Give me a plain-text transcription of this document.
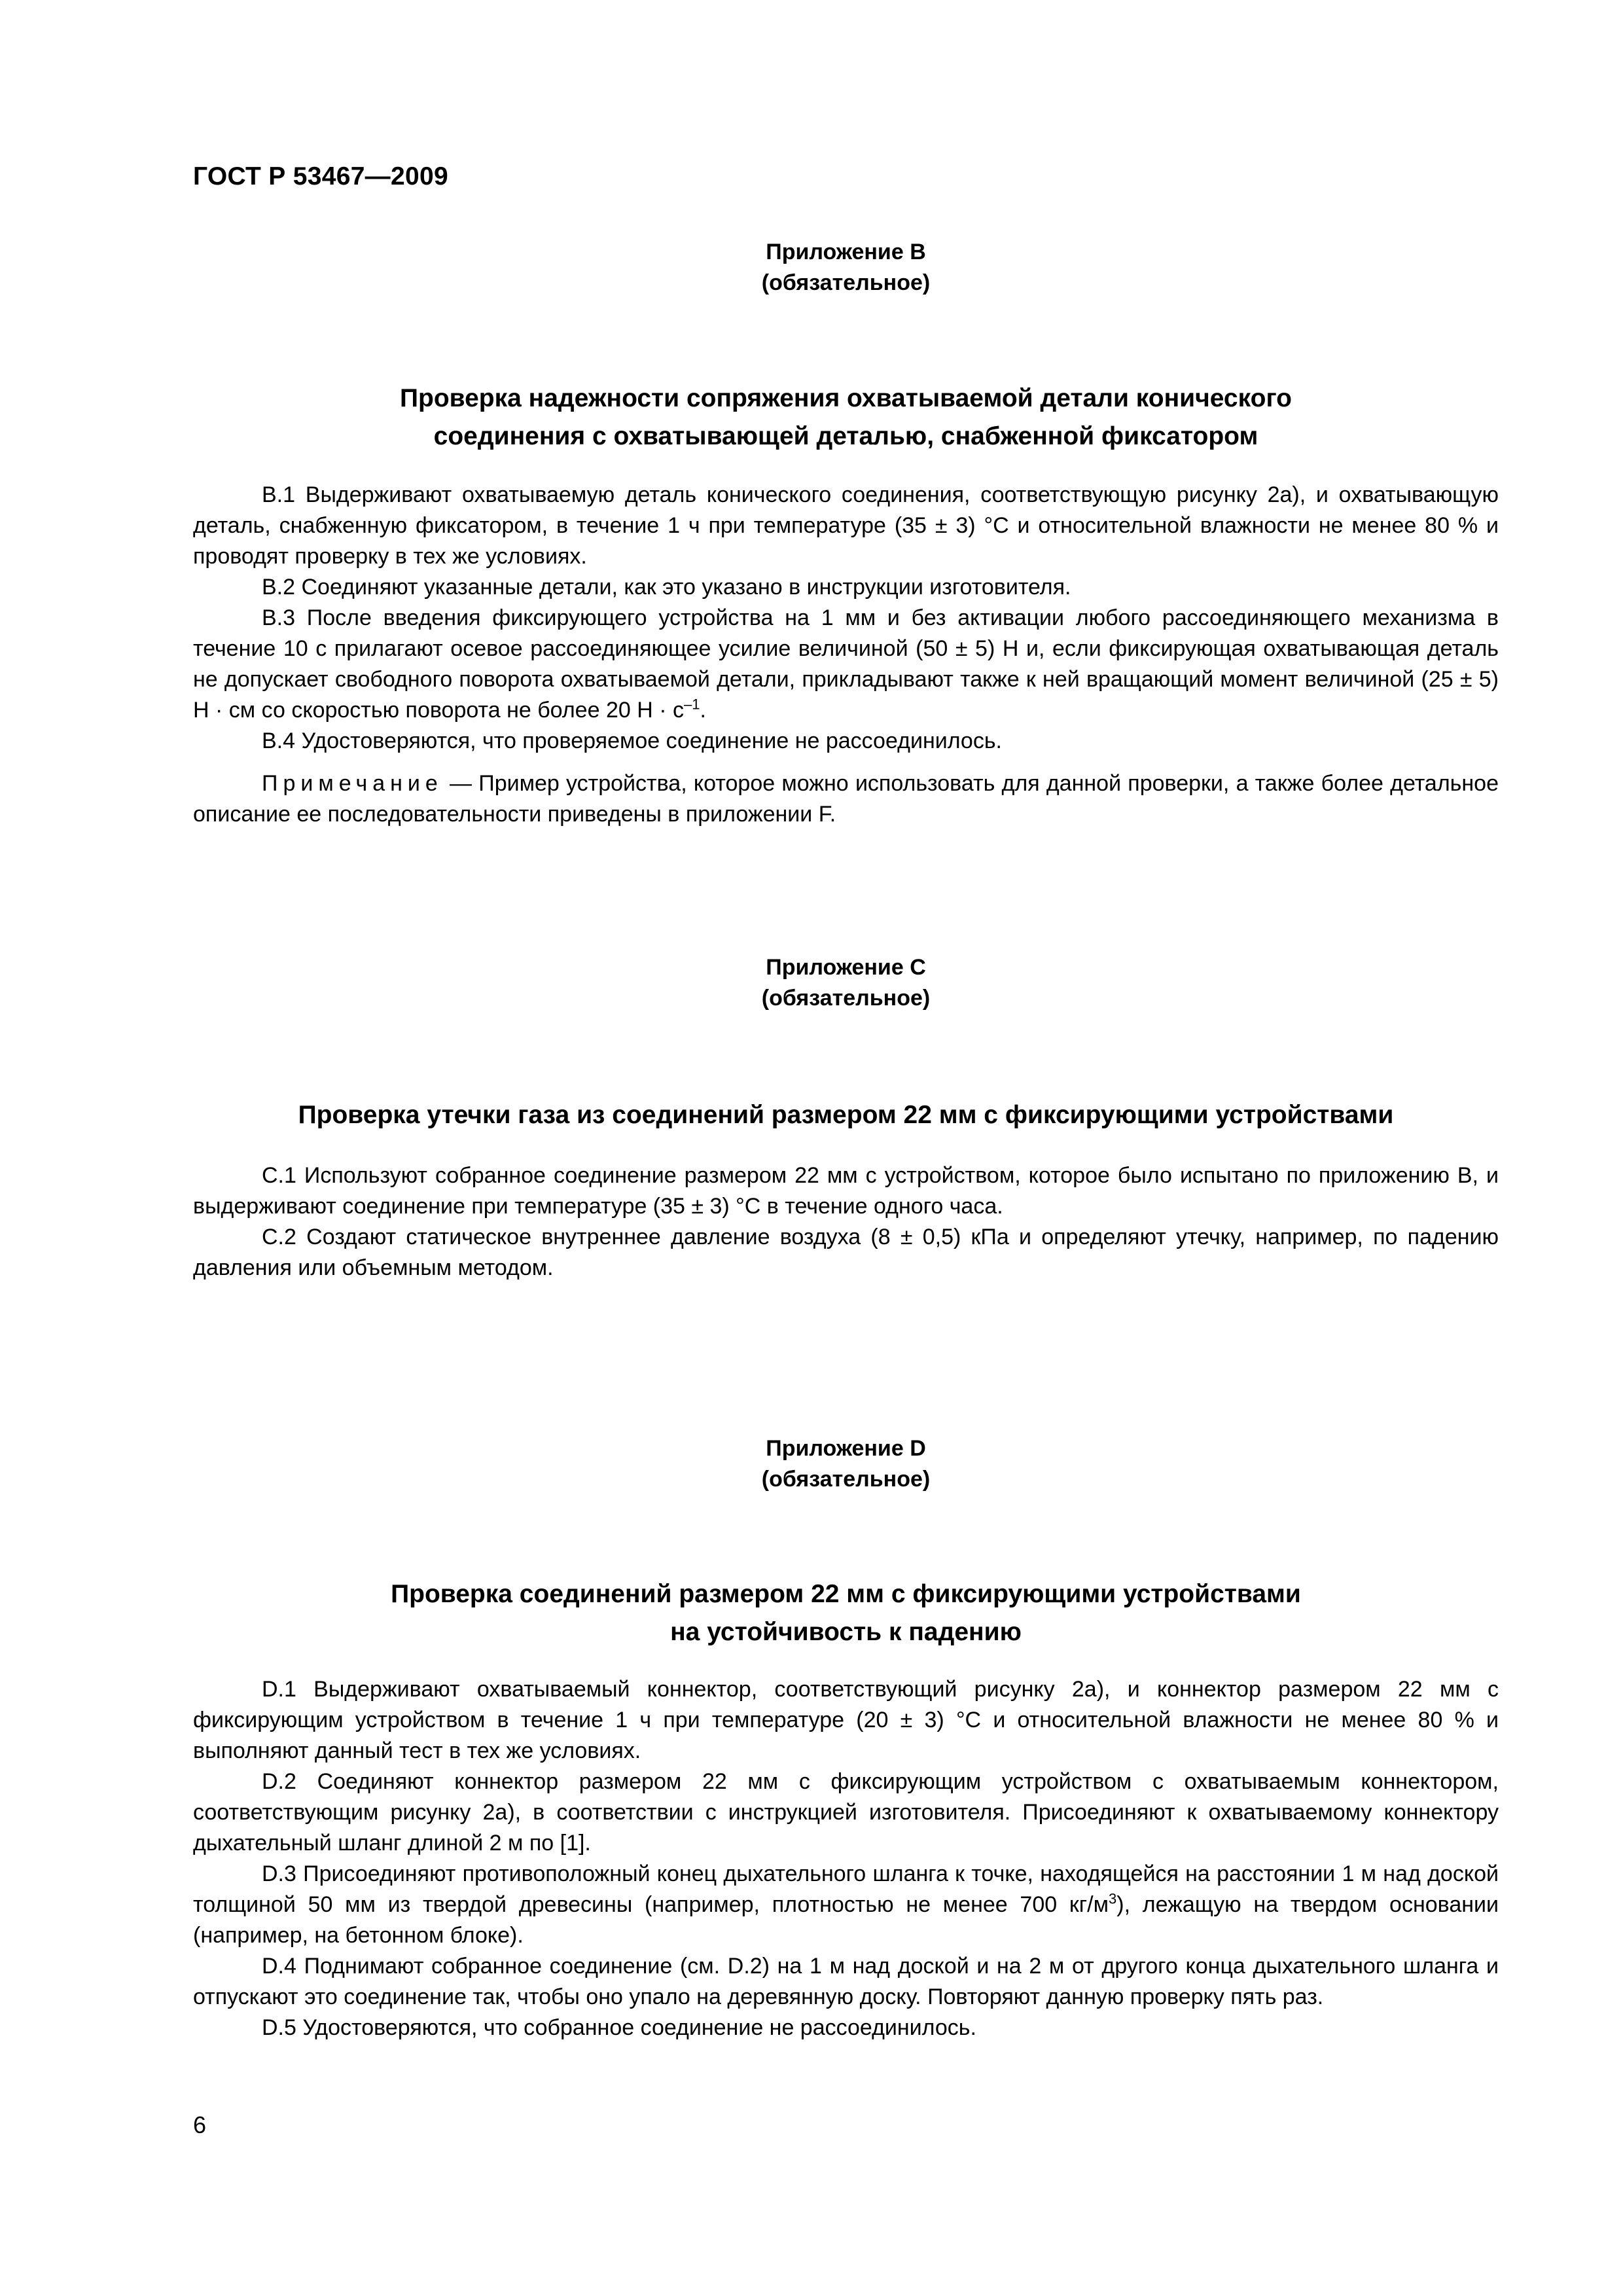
ГОСТ Р 53467—2009
Приложение В
(обязательное)
Проверка надежности сопряжения охватываемой детали конического
соединения с охватывающей деталью, снабженной фиксатором

В.1 Выдерживают охватываемую деталь конического соединения, соответствующую рисунку 2а), и охватывающую деталь, снабженную фиксатором, в течение 1 ч при температуре (35 ± 3) °С и относительной влажности не менее 80 % и проводят проверку в тех же условиях.

В.2 Соединяют указанные детали, как это указано в инструкции изготовителя.

В.3 После введения фиксирующего устройства на 1 мм и без активации любого рассоединяющего механизма в течение 10 с прилагают осевое рассоединяющее усилие величиной (50 ± 5) Н и, если фиксирующая охватывающая деталь не допускает свободного поворота охватываемой детали, прикладывают также к ней вращающий момент величиной (25 ± 5) Н · см со скоростью поворота не более 20 $Н \cdot с^{-1}$.

В.4 Удостоверяются, что проверяемое соединение не рассоединилось.

Примечание — Пример устройства, которое можно использовать для данной проверки, а также более детальное описание ее последовательности приведены в приложении F.

Приложение С
(обязательное)
Проверка утечки газа из соединений размером 22 мм с фиксирующими устройствами

С.1 Используют собранное соединение размером 22 мм с устройством, которое было испытано по приложению В, и выдерживают соединение при температуре (35 ± 3) °С в течение одного часа.

С.2 Создают статическое внутреннее давление воздуха (8 ± 0,5) кПа и определяют утечку, например, по падению давления или объемным методом.

Приложение D
(обязательное)
Проверка соединений размером 22 мм с фиксирующими устройствами
на устойчивость к падению

D.1 Выдерживают охватываемый коннектор, соответствующий рисунку 2а), и коннектор размером 22 мм с фиксирующим устройством в течение 1 ч при температуре (20 ± 3) °С и относительной влажности не менее 80 % и выполняют данный тест в тех же условиях.

D.2 Соединяют коннектор размером 22 мм с фиксирующим устройством с охватываемым коннектором, соответствующим рисунку 2а), в соответствии с инструкцией изготовителя. Присоединяют к охватываемому коннектору дыхательный шланг длиной 2 м по [1].

D.3 Присоединяют противоположный конец дыхательного шланга к точке, находящейся на расстоянии 1 м над доской толщиной 50 мм из твердой древесины (например, плотностью не менее 700 $кг/м^3$), лежащую на твердом основании (например, на бетонном блоке).

D.4 Поднимают собранное соединение (см. D.2) на 1 м над доской и на 2 м от другого конца дыхательного шланга и отпускают это соединение так, чтобы оно упало на деревянную доску. Повторяют данную проверку пять раз.

D.5 Удостоверяются, что собранное соединение не рассоединилось.

6
